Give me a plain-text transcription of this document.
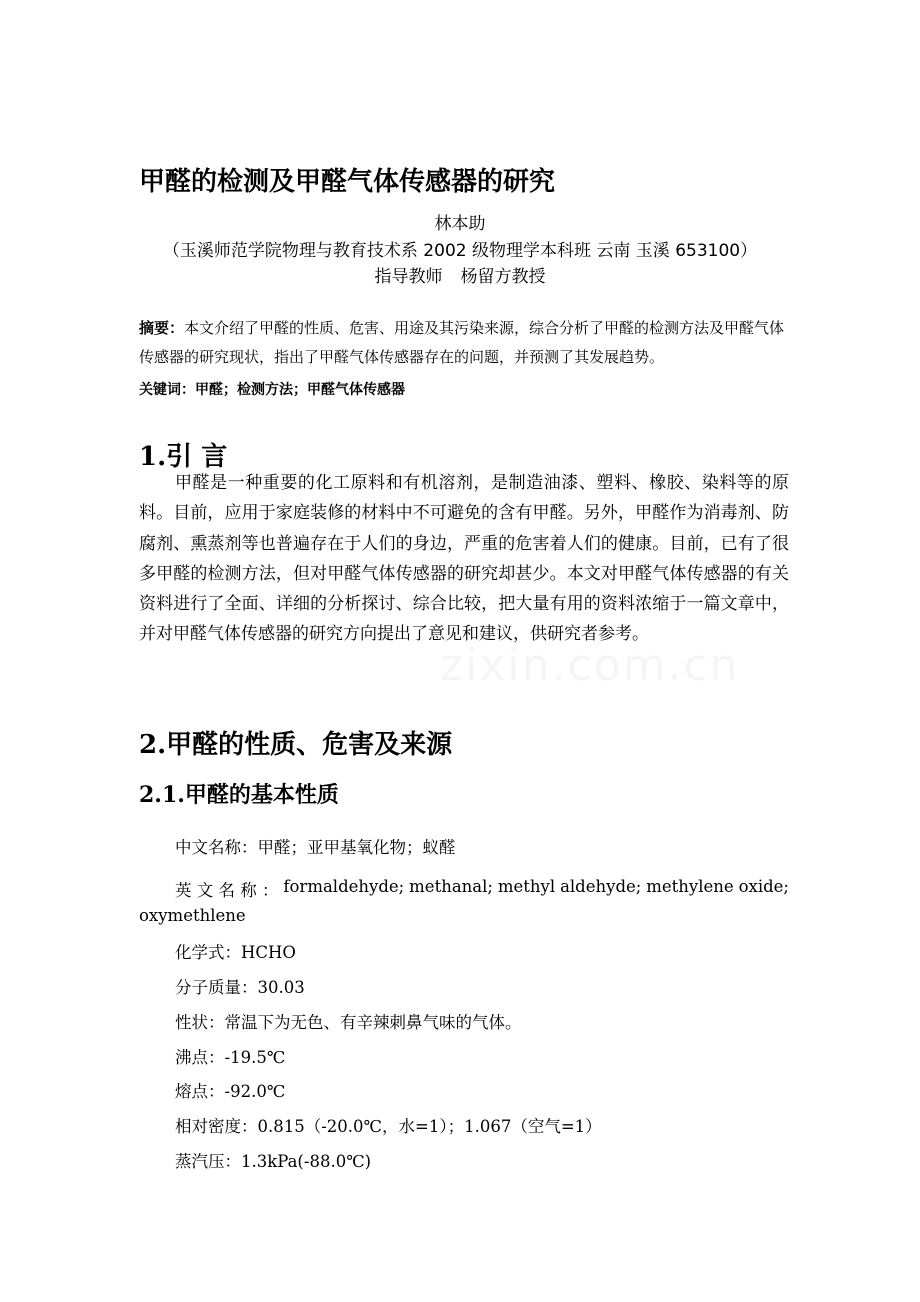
zixin.com.cn
甲醛的检测及甲醛气体传感器的研究
林本助
（玉溪师范学院物理与教育技术系 2002 级物理学本科班 云南 玉溪 653100）
指导教师 杨留方教授
摘要：本文介绍了甲醛的性质、危害、用途及其污染来源，综合分析了甲醛的检测方法及甲醛气体传感器的研究现状，指出了甲醛气体传感器存在的问题，并预测了其发展趋势。
关键词：甲醛；检测方法；甲醛气体传感器
1.引 言
甲醛是一种重要的化工原料和有机溶剂，是制造油漆、塑料、橡胶、染料等的原料。目前，应用于家庭装修的材料中不可避免的含有甲醛。另外，甲醛作为消毒剂、防腐剂、熏蒸剂等也普遍存在于人们的身边，严重的危害着人们的健康。目前，已有了很多甲醛的检测方法，但对甲醛气体传感器的研究却甚少。本文对甲醛气体传感器的有关资料进行了全面、详细的分析探讨、综合比较，把大量有用的资料浓缩于一篇文章中，并对甲醛气体传感器的研究方向提出了意见和建议，供研究者参考。
2.甲醛的性质、危害及来源
2.1.甲醛的基本性质
中文名称：甲醛；亚甲基氧化物；蚁醛
英 文 名 称 ： formaldehyde; methanal; methyl aldehyde; methylene oxide;
oxymethlene
化学式：HCHO
分子质量：30.03
性状：常温下为无色、有辛辣刺鼻气味的气体。
沸点：-19.5℃
熔点：-92.0℃
相对密度：0.815（-20.0℃，水=1）；1.067（空气=1）
蒸汽压：1.3kPa(-88.0℃)
